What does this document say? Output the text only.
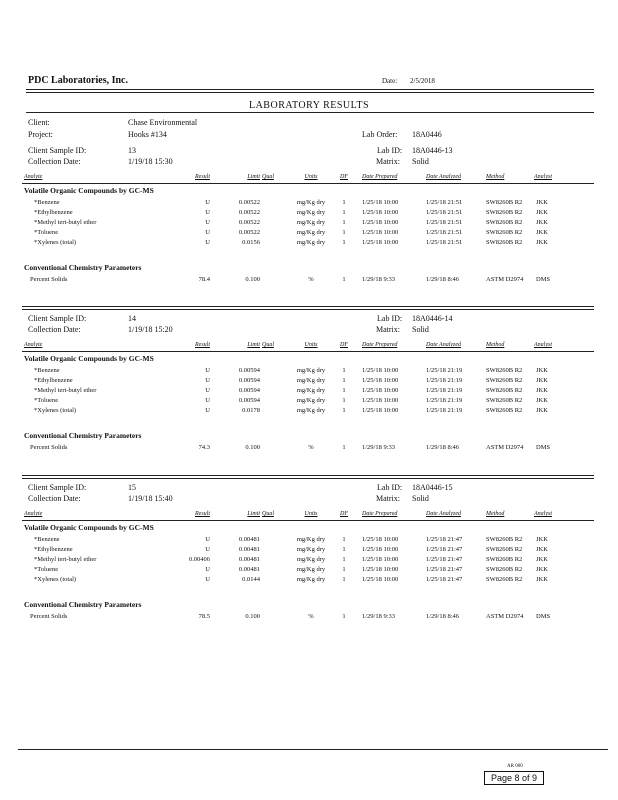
PDC Laboratories, Inc.	Date: 2/5/2018
LABORATORY RESULTS
Client:	Chase Environmental
Project:	Hooks #134	Lab Order: 18A0446
Client Sample ID:	13	Lab ID: 18A0446-13
Collection Date:	1/19/18 15:30	Matrix: Solid
Analyte	Result	Limit Qual	Units	DF	Date Prepared	Date Analyzed	Method	Analyst
Volatile Organic Compounds by GC-MS
*Benzene	U	0.00522	mg/Kg dry	1	1/25/18 10:00	1/25/18 21:51	SW8260B R2	JKK
*Ethylbenzene	U	0.00522	mg/Kg dry	1	1/25/18 10:00	1/25/18 21:51	SW8260B R2	JKK
*Methyl tert-butyl ether	U	0.00522	mg/Kg dry	1	1/25/18 10:00	1/25/18 21:51	SW8260B R2	JKK
*Toluene	U	0.00522	mg/Kg dry	1	1/25/18 10:00	1/25/18 21:51	SW8260B R2	JKK
*Xylenes (total)	U	0.0156	mg/Kg dry	1	1/25/18 10:00	1/25/18 21:51	SW8260B R2	JKK
Conventional Chemistry Parameters
Percent Solids	78.4	0.100	%	1	1/29/18 9:33	1/29/18 8:46	ASTM D2974	DMS
Client Sample ID:	14	Lab ID: 18A0446-14
Collection Date:	1/19/18 15:20	Matrix: Solid
Analyte	Result	Limit Qual	Units	DF	Date Prepared	Date Analyzed	Method	Analyst
Volatile Organic Compounds by GC-MS
*Benzene	U	0.00594	mg/Kg dry	1	1/25/18 10:00	1/25/18 21:19	SW8260B R2	JKK
*Ethylbenzene	U	0.00594	mg/Kg dry	1	1/25/18 10:00	1/25/18 21:19	SW8260B R2	JKK
*Methyl tert-butyl ether	U	0.00594	mg/Kg dry	1	1/25/18 10:00	1/25/18 21:19	SW8260B R2	JKK
*Toluene	U	0.00594	mg/Kg dry	1	1/25/18 10:00	1/25/18 21:19	SW8260B R2	JKK
*Xylenes (total)	U	0.0178	mg/Kg dry	1	1/25/18 10:00	1/25/18 21:19	SW8260B R2	JKK
Conventional Chemistry Parameters
Percent Solids	74.3	0.100	%	1	1/29/18 9:33	1/29/18 8:46	ASTM D2974	DMS
Client Sample ID:	15	Lab ID: 18A0446-15
Collection Date:	1/19/18 15:40	Matrix: Solid
Analyte	Result	Limit Qual	Units	DF	Date Prepared	Date Analyzed	Method	Analyst
Volatile Organic Compounds by GC-MS
*Benzene	U	0.00481	mg/Kg dry	1	1/25/18 10:00	1/25/18 21:47	SW8260B R2	JKK
*Ethylbenzene	U	0.00481	mg/Kg dry	1	1/25/18 10:00	1/25/18 21:47	SW8260B R2	JKK
*Methyl tert-butyl ether	0.00406	0.00481	mg/Kg dry	1	1/25/18 10:00	1/25/18 21:47	SW8260B R2	JKK
*Toluene	U	0.00481	mg/Kg dry	1	1/25/18 10:00	1/25/18 21:47	SW8260B R2	JKK
*Xylenes (total)	U	0.0144	mg/Kg dry	1	1/25/18 10:00	1/25/18 21:47	SW8260B R2	JKK
Conventional Chemistry Parameters
Percent Solids	78.5	0.100	%	1	1/29/18 9:33	1/29/18 8:46	ASTM D2974	DMS
AR 000
Page 8 of 9
